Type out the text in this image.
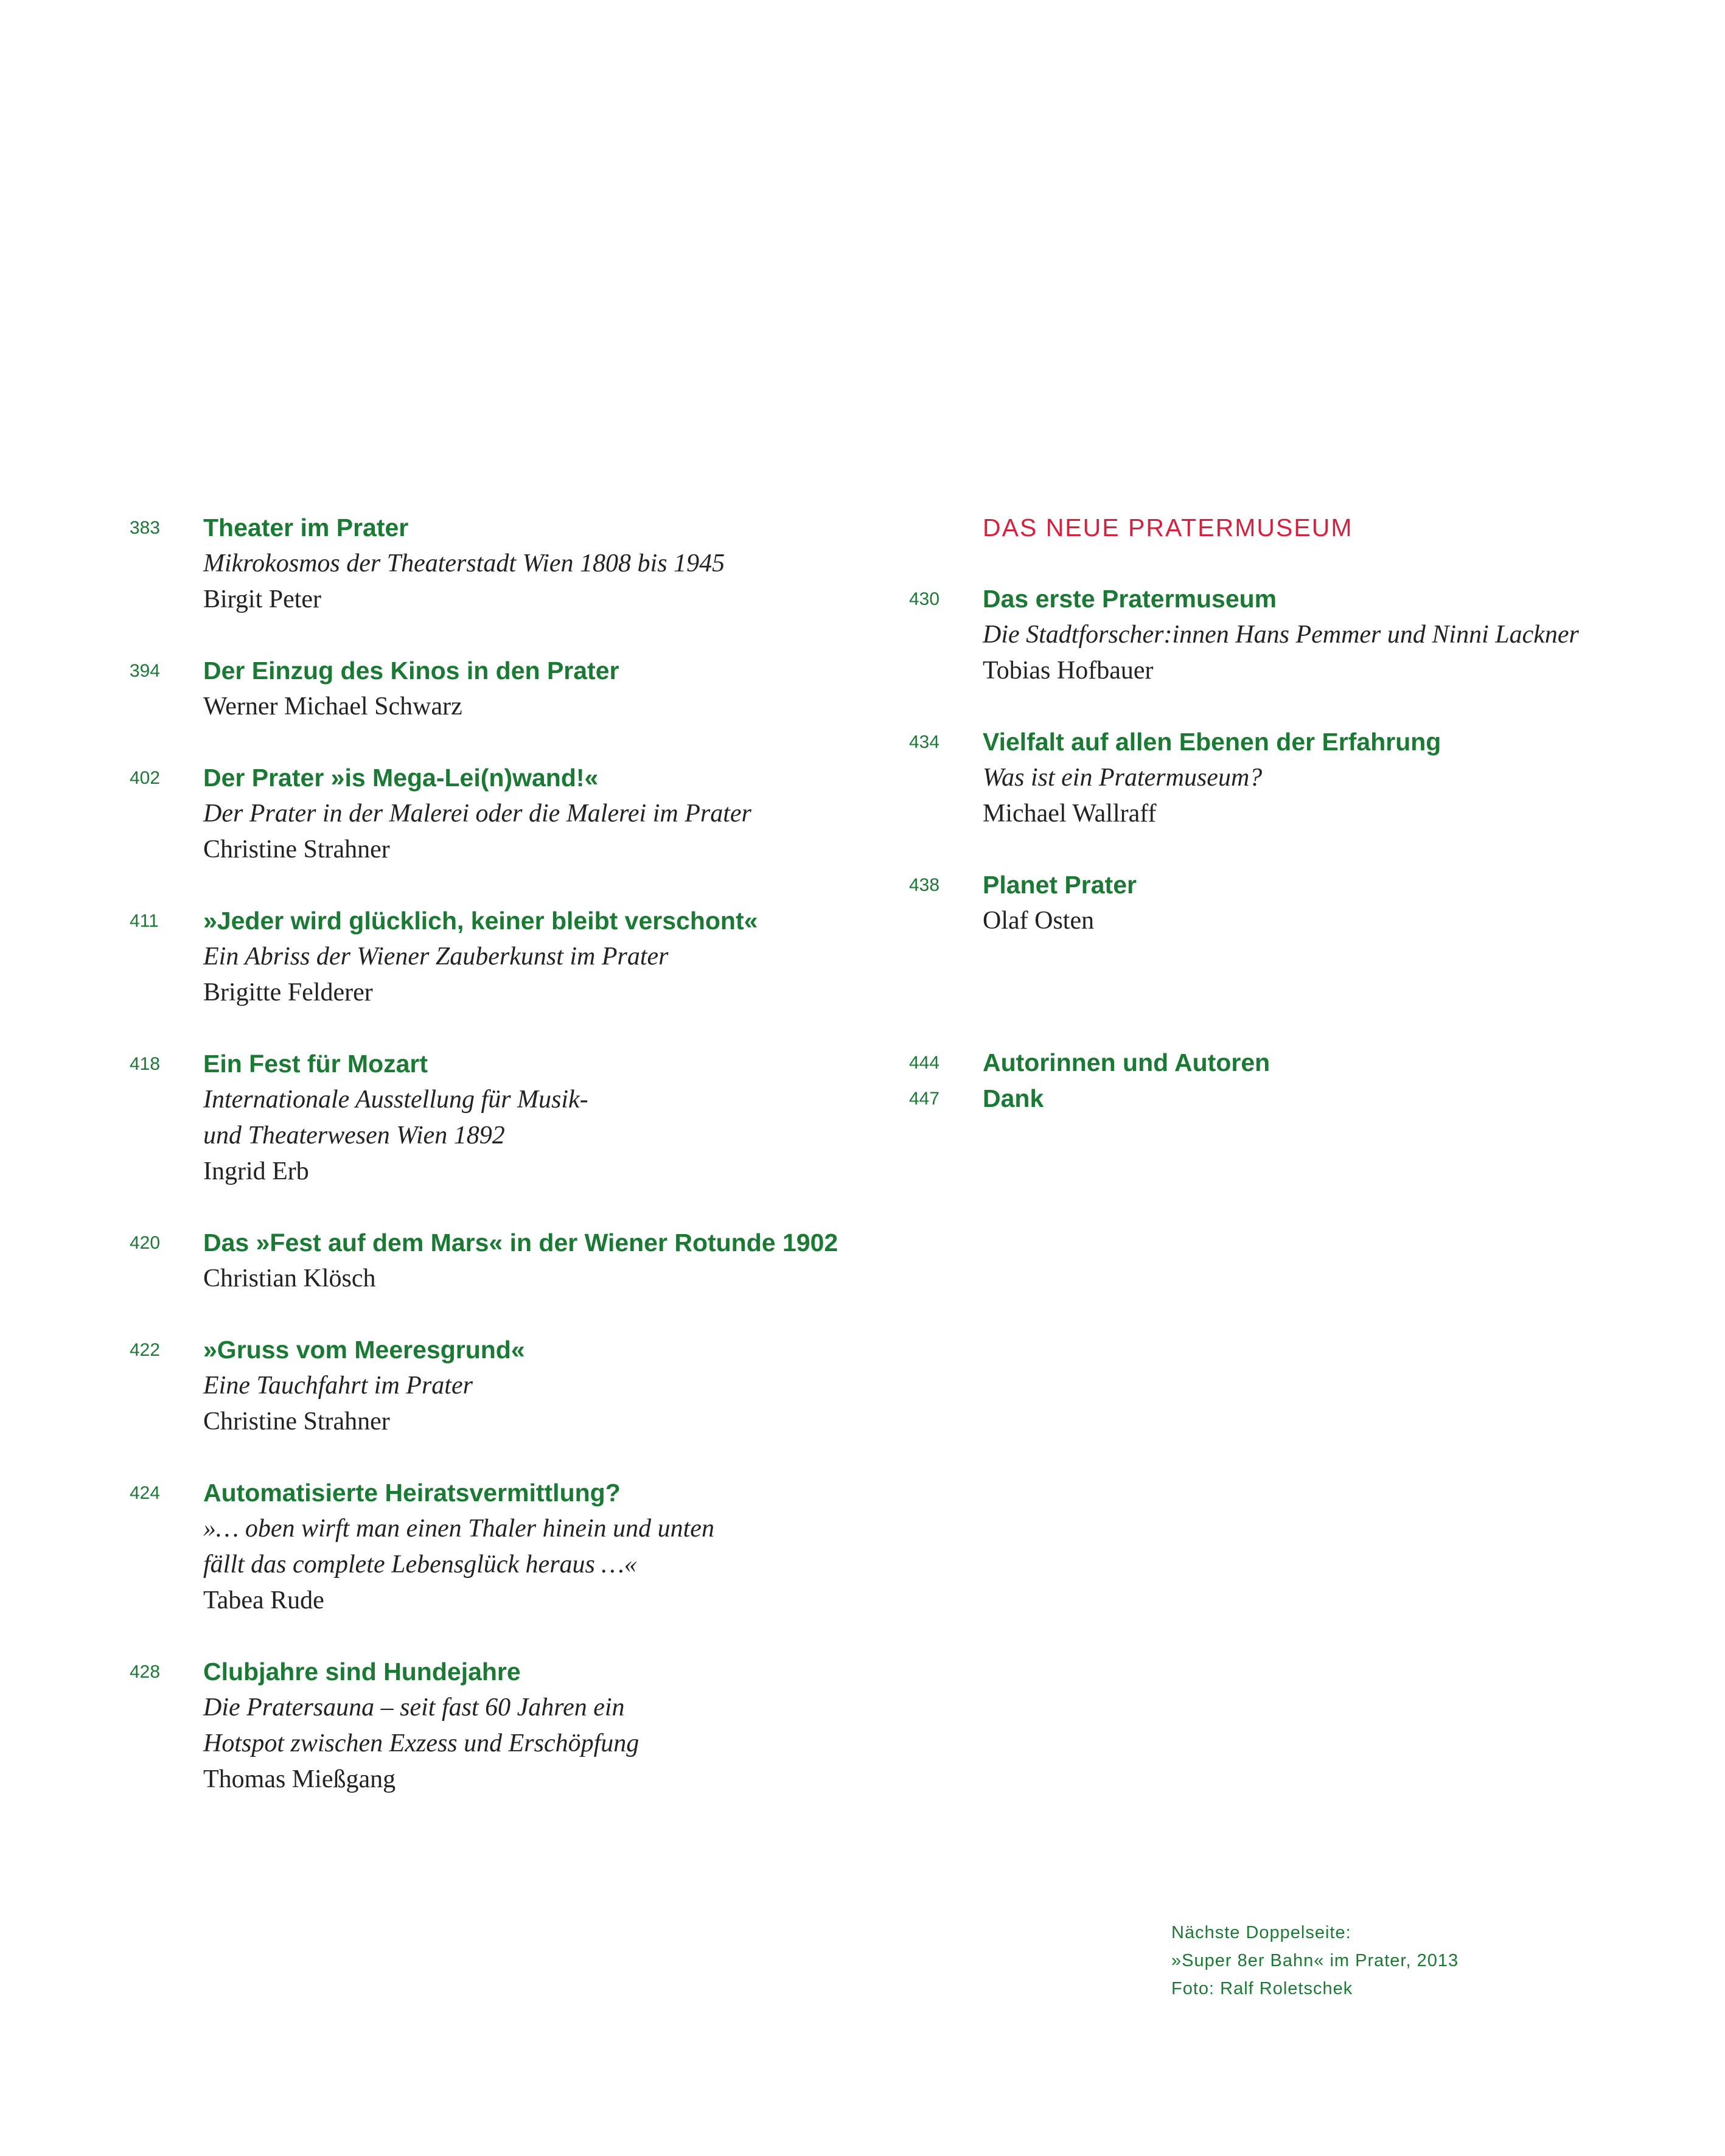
383	Theater im Prater
Mikrokosmos der Theaterstadt Wien 1808 bis 1945
Birgit Peter
394	Der Einzug des Kinos in den Prater
Werner Michael Schwarz
402	Der Prater »is Mega-Lei(n)wand!«
Der Prater in der Malerei oder die Malerei im Prater
Christine Strahner
411	»Jeder wird glücklich, keiner bleibt verschont«
Ein Abriss der Wiener Zauberkunst im Prater
Brigitte Felderer
418	Ein Fest für Mozart
Internationale Ausstellung für Musik-
und Theaterwesen Wien 1892
Ingrid Erb
420	Das »Fest auf dem Mars« in der Wiener Rotunde 1902
Christian Klösch
422	»Gruss vom Meeresgrund«
Eine Tauchfahrt im Prater
Christine Strahner
424	Automatisierte Heiratsvermittlung?
»… oben wirft man einen Thaler hinein und unten
fällt das complete Lebensglück heraus …«
Tabea Rude
428	Clubjahre sind Hundejahre
Die Pratersauna – seit fast 60 Jahren ein
Hotspot zwischen Exzess und Erschöpfung
Thomas Mießgang
DAS NEUE PRATERMUSEUM
430	Das erste Pratermuseum
Die Stadtforscher:innen Hans Pemmer und Ninni Lackner
Tobias Hofbauer
434	Vielfalt auf allen Ebenen der Erfahrung
Was ist ein Pratermuseum?
Michael Wallraff
438	Planet Prater
Olaf Osten
444	Autorinnen und Autoren
447	Dank
Nächste Doppelseite:
»Super 8er Bahn« im Prater, 2013
Foto: Ralf Roletschek
